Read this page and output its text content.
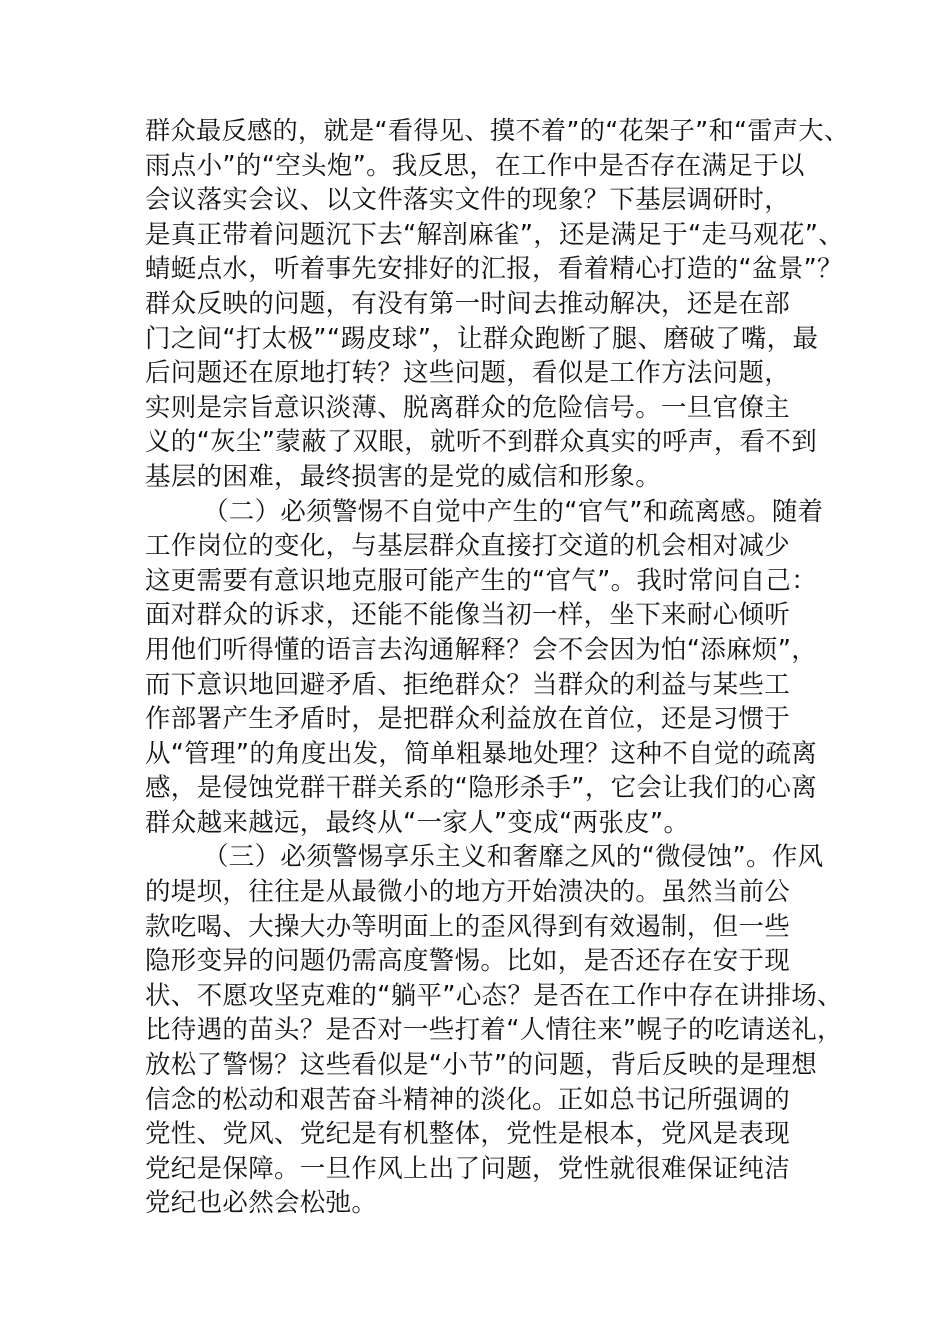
群众最反感的，就是“看得见、摸不着”的“花架子”和“雷声大、
雨点小”的“空头炮”。我反思，在工作中是否存在满足于以
会议落实会议、以文件落实文件的现象？下基层调研时，
是真正带着问题沉下去“解剖麻雀”，还是满足于“走马观花”、
蜻蜓点水，听着事先安排好的汇报，看着精心打造的“盆景”？
群众反映的问题，有没有第一时间去推动解决，还是在部
门之间“打太极”“踢皮球”，让群众跑断了腿、磨破了嘴，最
后问题还在原地打转？这些问题，看似是工作方法问题，
实则是宗旨意识淡薄、脱离群众的危险信号。一旦官僚主
义的“灰尘”蒙蔽了双眼，就听不到群众真实的呼声，看不到
基层的困难，最终损害的是党的威信和形象。
（二）必须警惕不自觉中产生的“官气”和疏离感。随着
工作岗位的变化，与基层群众直接打交道的机会相对减少
这更需要有意识地克服可能产生的“官气”。我时常问自己：
面对群众的诉求，还能不能像当初一样，坐下来耐心倾听
用他们听得懂的语言去沟通解释？会不会因为怕“添麻烦”，
而下意识地回避矛盾、拒绝群众？当群众的利益与某些工
作部署产生矛盾时，是把群众利益放在首位，还是习惯于
从“管理”的角度出发，简单粗暴地处理？这种不自觉的疏离
感，是侵蚀党群干群关系的“隐形杀手”，它会让我们的心离
群众越来越远，最终从“一家人”变成“两张皮”。
（三）必须警惕享乐主义和奢靡之风的“微侵蚀”。作风
的堤坝，往往是从最微小的地方开始溃决的。虽然当前公
款吃喝、大操大办等明面上的歪风得到有效遏制，但一些
隐形变异的问题仍需高度警惕。比如，是否还存在安于现
状、不愿攻坚克难的“躺平”心态？是否在工作中存在讲排场、
比待遇的苗头？是否对一些打着“人情往来”幌子的吃请送礼，
放松了警惕？这些看似是“小节”的问题，背后反映的是理想
信念的松动和艰苦奋斗精神的淡化。正如总书记所强调的
党性、党风、党纪是有机整体，党性是根本，党风是表现
党纪是保障。一旦作风上出了问题，党性就很难保证纯洁
党纪也必然会松弛。
